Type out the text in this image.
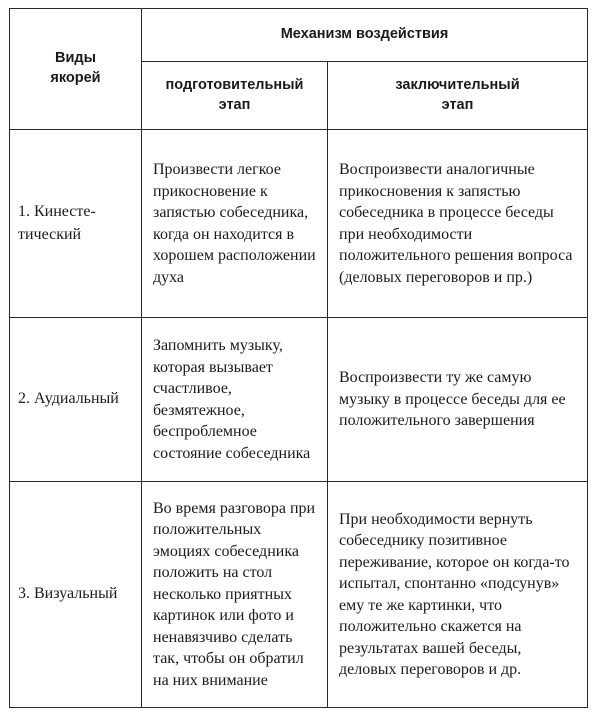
Виды якорей	Механизм воздействия	

	подготовительный этап	заключительный этап

1. Кинесте-тический	Произвести легкое прикосновение к запястью собеседника, когда он находится в хорошем расположении духа	Воспроизвести аналогичные прикосновения к запястью собеседника в процессе беседы при необходимости положительного решения вопроса (деловых переговоров и пр.)
2. Аудиальный	Запомнить музыку, которая вызывает счастливое, безмятежное, беспроблемное состояние собеседника	Воспроизвести ту же самую музыку в процессе беседы для ее положительного завершения
3. Визуальный	Во время разговора при положительных эмоциях собеседника положить на стол несколько приятных картинок или фото и ненавязчиво сделать так, чтобы он обратил на них внимание	При необходимости вернуть собеседнику позитивное переживание, которое он когда-то испытал, спонтанно «подсунув» ему те же картинки, что положительно скажется на результатах вашей беседы, деловых переговоров и др.
